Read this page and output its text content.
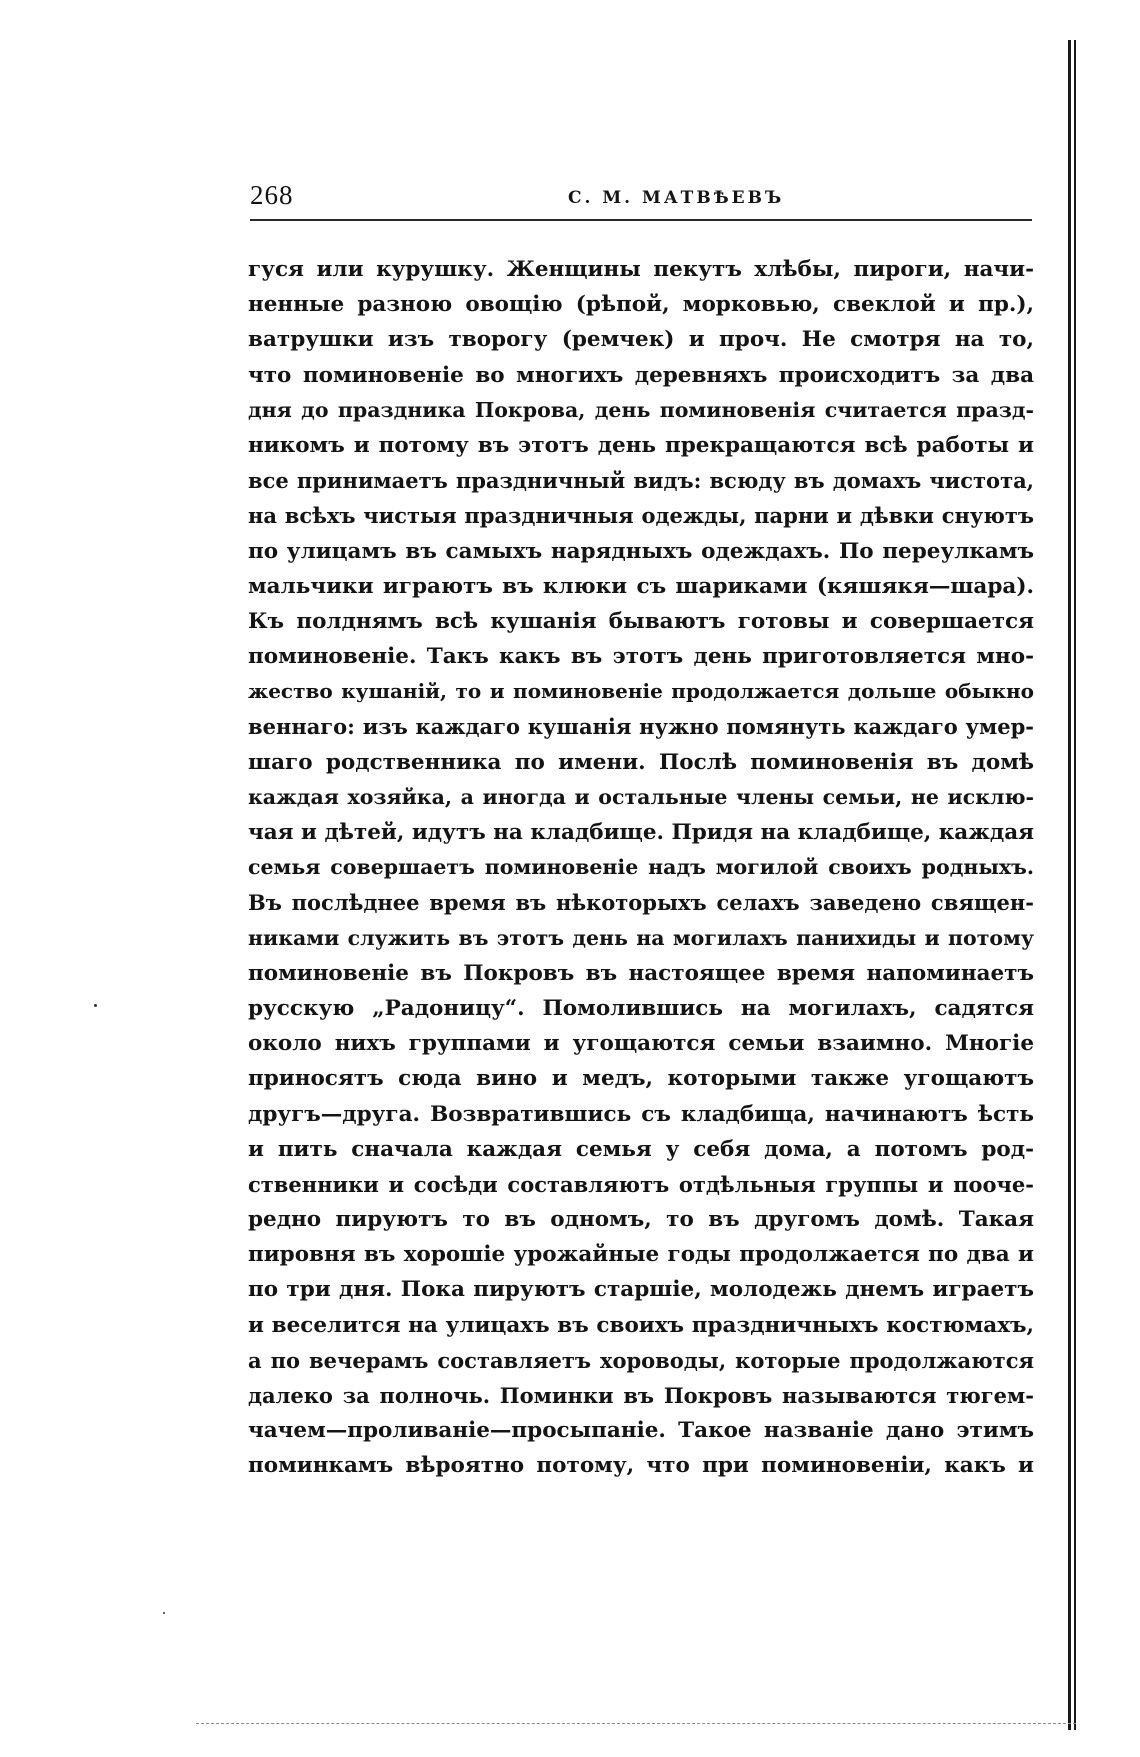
268	С. М. МАТВѢЕВЪ
гуся или курушку. Женщины пекутъ хлѣбы, пироги, начи-
ненные разною овощію (рѣпой, морковью, свеклой и пр.),
ватрушки изъ творогу (ремчек) и проч. Не смотря на то,
что поминовеніе во многихъ деревняхъ происходитъ за два
дня до праздника Покрова, день поминовенія считается празд-
никомъ и потому въ этотъ день прекращаются всѣ работы и
все принимаетъ праздничный видъ: всюду въ домахъ чистота,
на всѣхъ чистыя праздничныя одежды, парни и дѣвки снуютъ
по улицамъ въ самыхъ нарядныхъ одеждахъ. По переулкамъ
мальчики играютъ въ клюки съ шариками (кяшякя—шара).
Къ полднямъ всѣ кушанія бываютъ готовы и совершается
поминовеніе. Такъ какъ въ этотъ день приготовляется мно-
жество кушаній, то и поминовеніе продолжается дольше обыкно
веннаго: изъ каждаго кушанія нужно помянуть каждаго умер-
шаго родственника по имени. Послѣ поминовенія въ домѣ
каждая хозяйка, а иногда и остальные члены семьи, не исклю-
чая и дѣтей, идутъ на кладбище. Придя на кладбище, каждая
семья совершаетъ поминовеніе надъ могилой своихъ родныхъ.
Въ послѣднее время въ нѣкоторыхъ селахъ заведено священ-
никами служить въ этотъ день на могилахъ панихиды и потому
поминовеніе въ Покровъ въ настоящее время напоминаетъ
русскую „Радоницу“. Помолившись на могилахъ, садятся
около нихъ группами и угощаются семьи взаимно. Многіе
приносятъ сюда вино и медъ, которыми также угощаютъ
другъ—друга. Возвратившись съ кладбища, начинаютъ ѣсть
и пить сначала каждая семья у себя дома, а потомъ род-
ственники и сосѣди составляютъ отдѣльныя группы и пооче-
редно пируютъ то въ одномъ, то въ другомъ домѣ. Такая
пировня въ хорошіе урожайные годы продолжается по два и
по три дня. Пока пируютъ старшіе, молодежь днемъ играетъ
и веселится на улицахъ въ своихъ праздничныхъ костюмахъ,
а по вечерамъ составляетъ хороводы, которые продолжаются
далеко за полночь. Поминки въ Покровъ называются тюгем-
чачем—проливаніе—просыпаніе. Такое названіе дано этимъ
поминкамъ вѣроятно потому, что при поминовеніи, какъ и
